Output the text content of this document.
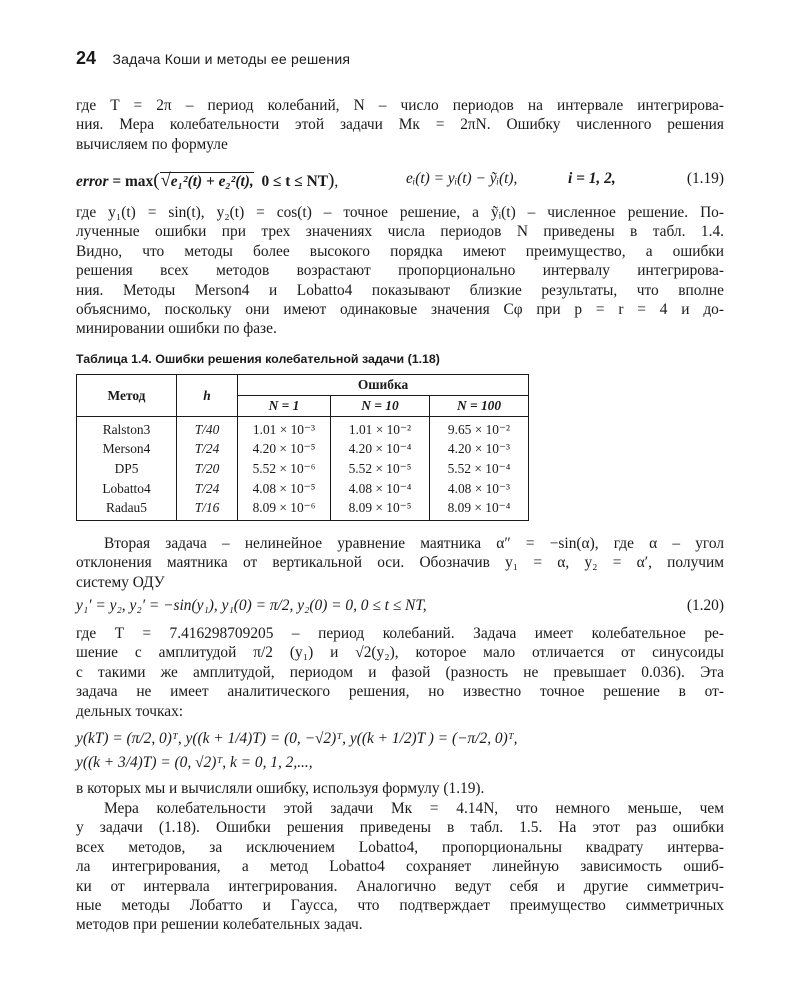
24 Задача Коши и методы ее решения
где T = 2π – период колебаний, N – число периодов на интервале интегрирова-
ния. Мера колебательности этой задачи Mк = 2πN. Ошибку численного решения
вычисляем по формуле
error = max(√e₁²(t) + e₂²(t), 0 ≤ t ≤ NT),	eᵢ(t) = yᵢ(t) − ỹᵢ(t),	i = 1, 2,	(1.19)
где y₁(t) = sin(t), y₂(t) = cos(t) – точное решение, а ỹᵢ(t) – численное решение. По-
лученные ошибки при трех значениях числа периодов N приведены в табл. 1.4.
Видно, что методы более высокого порядка имеют преимущество, а ошибки
решения всех методов возрастают пропорционально интервалу интегрирова-
ния. Методы Merson4 и Lobatto4 показывают близкие результаты, что вполне
объяснимо, поскольку они имеют одинаковые значения Cφ при p = r = 4 и до-
минировании ошибки по фазе.
Таблица 1.4. Ошибки решения колебательной задачи (1.18)
Метод	h	Ошибка		
		N = 1	N = 10	N = 100
Ralston3	T/40	1.01 × 10⁻³	1.01 × 10⁻²	9.65 × 10⁻²
Merson4	T/24	4.20 × 10⁻⁵	4.20 × 10⁻⁴	4.20 × 10⁻³
DP5	T/20	5.52 × 10⁻⁶	5.52 × 10⁻⁵	5.52 × 10⁻⁴
Lobatto4	T/24	4.08 × 10⁻⁵	4.08 × 10⁻⁴	4.08 × 10⁻³
Radau5	T/16	8.09 × 10⁻⁶	8.09 × 10⁻⁵	8.09 × 10⁻⁴
Вторая задача – нелинейное уравнение маятника α″ = −sin(α), где α – угол
отклонения маятника от вертикальной оси. Обозначив y₁ = α, y₂ = α′, получим
систему ОДУ
y₁′ = y₂, y₂′ = −sin(y₁), y₁(0) = π/2, y₂(0) = 0, 0 ≤ t ≤ NT,	(1.20)
где T = 7.416298709205 – период колебаний. Задача имеет колебательное ре-
шение с амплитудой π/2 (y₁) и √2(y₂), которое мало отличается от синусоиды
с такими же амплитудой, периодом и фазой (разность не превышает 0.036). Эта
задача не имеет аналитического решения, но известно точное решение в от-
дельных точках:
y(kT) = (π/2, 0)ᵀ, y((k + 1/4)T) = (0, −√2)ᵀ, y((k + 1/2)T ) = (−π/2, 0)ᵀ,
y((k + 3/4)T) = (0, √2)ᵀ, k = 0, 1, 2,...,
в которых мы и вычисляли ошибку, используя формулу (1.19).
Мера колебательности этой задачи Mк = 4.14N, что немного меньше, чем
у задачи (1.18). Ошибки решения приведены в табл. 1.5. На этот раз ошибки
всех методов, за исключением Lobatto4, пропорциональны квадрату интерва-
ла интегрирования, а метод Lobatto4 сохраняет линейную зависимость ошиб-
ки от интервала интегрирования. Аналогично ведут себя и другие симметрич-
ные методы Лобатто и Гаусса, что подтверждает преимущество симметричных
методов при решении колебательных задач.
